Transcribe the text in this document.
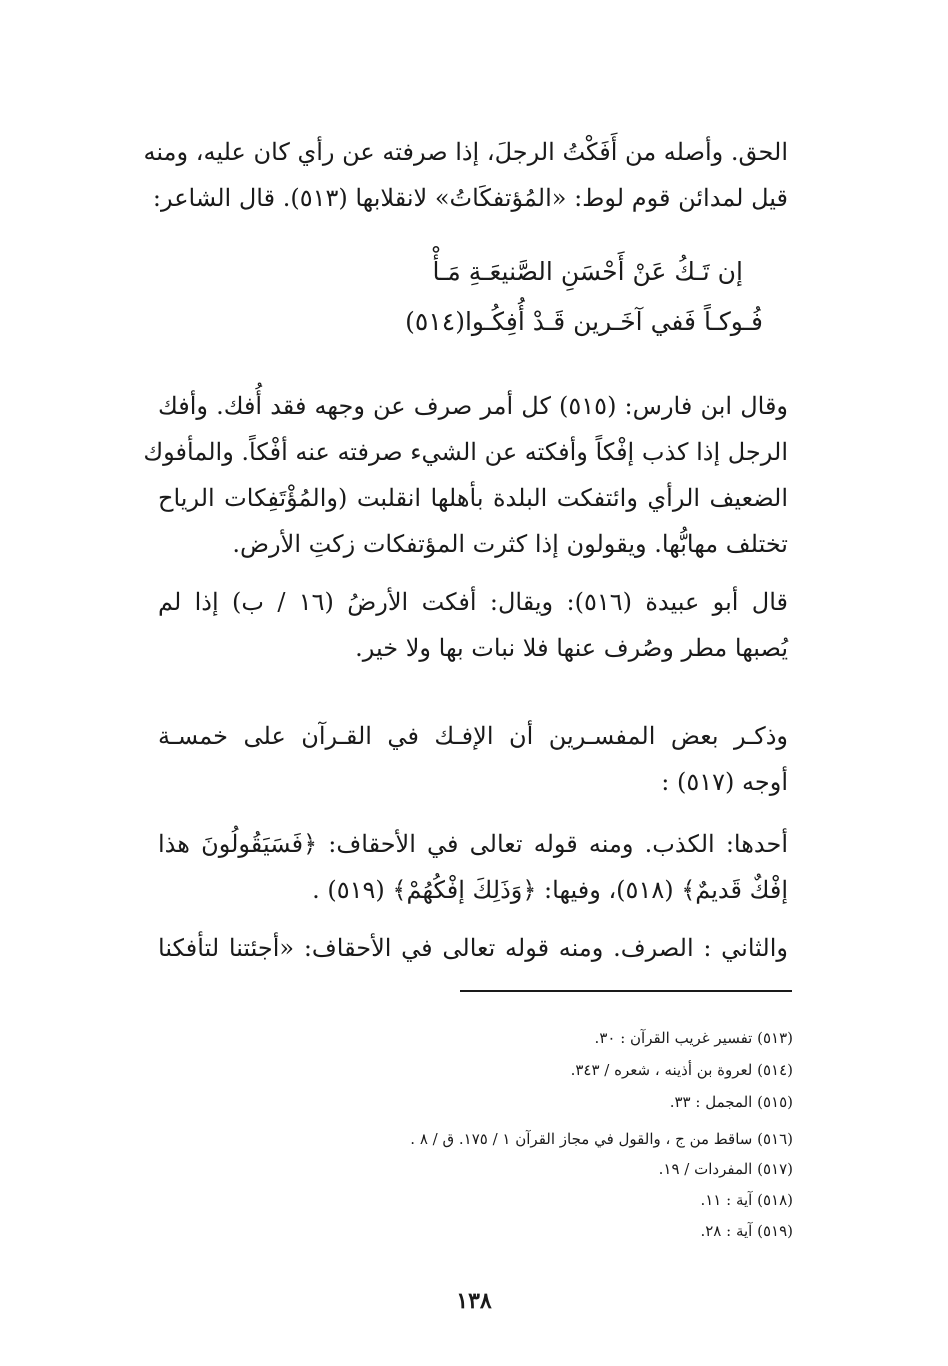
الحق. وأصله من أَفَكْتُ الرجلَ، إذا صرفته عن رأي كان عليه، ومنه
قيل لمدائن قوم لوط: «المُؤتفكَاتُ» لانقلابها (٥١٣). قال الشاعر:
إن تَـكُ عَنْ أَحْسَنِ الصَّنيعَـةِ مَـأْ
فُـوكـاً فَفي آخَـرين قَـدْ أُفِكُـوا(٥١٤)
وقال ابن فارس: (٥١٥) كل أمر صرف عن وجهه فقد أُفك. وأفك
الرجل إذا كذب إفْكاً وأفكته عن الشيء صرفته عنه أفْكاً. والمأفوك
الضعيف الرأي وائتفكت البلدة بأهلها انقلبت (والمُؤْتَفِكات الرياح
تختلف مهابُّها. ويقولون إذا كثرت المؤتفكات زكتِ الأرض.
قال أبو عبيدة (٥١٦): ويقال: أفكت الأرضُ (١٦ / ب) إذا لم
يُصبها مطر وصُرف عنها فلا نبات بها ولا خير.
وذكـر بعض المفسـرين أن الإفـك في القـرآن على خمسـة
أوجه (٥١٧) :
أحدها: الكذب. ومنه قوله تعالى في الأحقاف: ﴿فَسَيَقُولُونَ هذا
إفْكٌ قَديمٌ﴾ (٥١٨)، وفيها: ﴿وَذَلِكَ إفْكُهُمْ﴾ (٥١٩) .
والثاني : الصرف. ومنه قوله تعالى في الأحقاف: «أجئتنا لتأفكنا
(٥١٣) تفسير غريب القرآن : ٣٠.
(٥١٤) لعروة بن أذينه ، شعره / ٣٤٣.
(٥١٥) المجمل : ٣٣.
(٥١٦) ساقط من ج ، والقول في مجاز القرآن ١ / ١٧٥. ق / ٨ .
(٥١٧) المفردات / ١٩.
(٥١٨) آية : ١١.
(٥١٩) آية : ٢٨.
١٣٨
